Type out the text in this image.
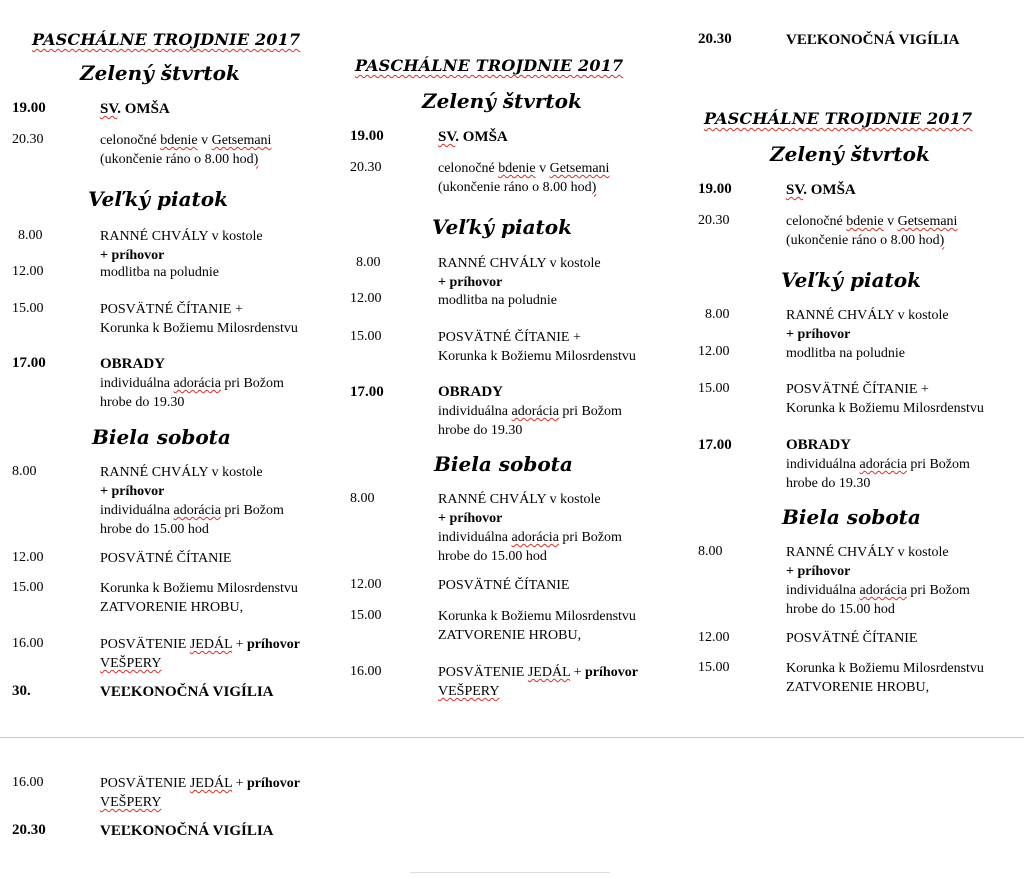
PASCHÁLNE TROJDNIE 2017
Zelený štvrtok
19.00	SV. OMŠA
20.30	celonočné bdenie v Getsemani
(ukončenie ráno o 8.00 hod)
Veľký piatok
8.00	RANNÉ CHVÁLY v kostole
+ príhovor
12.00	modlitba na poludnie
15.00	POSVÄTNÉ ČÍTANIE +
Korunka k Božiemu Milosrdenstvu
17.00	OBRADY
individuálna adorácia pri Božom
hrobe do 19.30
Biela sobota
8.00	RANNÉ CHVÁLY v kostole
+ príhovor
individuálna adorácia pri Božom
hrobe do 15.00 hod
12.00	POSVÄTNÉ ČÍTANIE
15.00	Korunka k Božiemu Milosrdenstvu
ZATVORENIE HROBU,
16.00	POSVÄTENIE JEDÁL + príhovor
VEŠPERY
30.	VEĽKONOČNÁ VIGÍLIA
PASCHÁLNE TROJDNIE 2017
Zelený štvrtok
19.00	SV. OMŠA
20.30	celonočné bdenie v Getsemani
(ukončenie ráno o 8.00 hod)
Veľký piatok
8.00	RANNÉ CHVÁLY v kostole
+ príhovor
12.00	modlitba na poludnie
15.00	POSVÄTNÉ ČÍTANIE +
Korunka k Božiemu Milosrdenstvu
17.00	OBRADY
individuálna adorácia pri Božom
hrobe do 19.30
Biela sobota
8.00	RANNÉ CHVÁLY v kostole
+ príhovor
individuálna adorácia pri Božom
hrobe do 15.00 hod
12.00	POSVÄTNÉ ČÍTANIE
15.00	Korunka k Božiemu Milosrdenstvu
ZATVORENIE HROBU,
16.00	POSVÄTENIE JEDÁL + príhovor
VEŠPERY
20.30	VEĽKONOČNÁ VIGÍLIA
PASCHÁLNE TROJDNIE 2017
Zelený štvrtok
19.00	SV. OMŠA
20.30	celonočné bdenie v Getsemani
(ukončenie ráno o 8.00 hod)
Veľký piatok
8.00	RANNÉ CHVÁLY v kostole
+ príhovor
12.00	modlitba na poludnie
15.00	POSVÄTNÉ ČÍTANIE +
Korunka k Božiemu Milosrdenstvu
17.00	OBRADY
individuálna adorácia pri Božom
hrobe do 19.30
Biela sobota
8.00	RANNÉ CHVÁLY v kostole
+ príhovor
individuálna adorácia pri Božom
hrobe do 15.00 hod
12.00	POSVÄTNÉ ČÍTANIE
15.00	Korunka k Božiemu Milosrdenstvu
ZATVORENIE HROBU,
16.00	POSVÄTENIE JEDÁL + príhovor
VEŠPERY
20.30	VEĽKONOČNÁ VIGÍLIA
